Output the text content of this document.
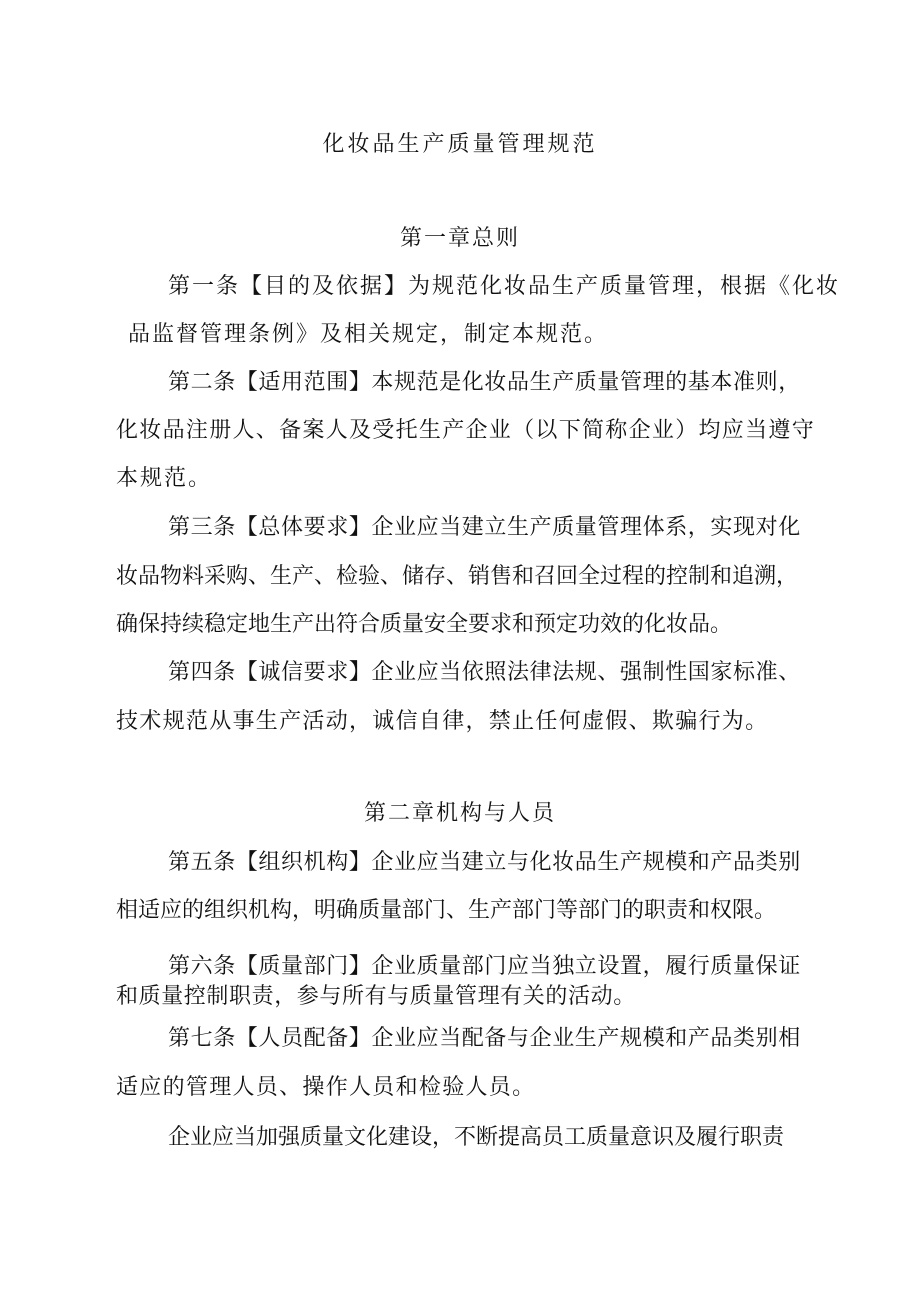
化妆品生产质量管理规范
第一章总则
第一条【目的及依据】为规范化妆品生产质量管理，根据《化妆
品监督管理条例》及相关规定，制定本规范。
第二条【适用范围】本规范是化妆品生产质量管理的基本准则，
化妆品注册人、备案人及受托生产企业（以下简称企业）均应当遵守
本规范。
第三条【总体要求】企业应当建立生产质量管理体系，实现对化
妆品物料采购、生产、检验、储存、销售和召回全过程的控制和追溯，
确保持续稳定地生产出符合质量安全要求和预定功效的化妆品。
第四条【诚信要求】企业应当依照法律法规、强制性国家标准、
技术规范从事生产活动，诚信自律，禁止任何虚假、欺骗行为。
第二章机构与人员
第五条【组织机构】企业应当建立与化妆品生产规模和产品类别
相适应的组织机构，明确质量部门、生产部门等部门的职责和权限。
第六条【质量部门】企业质量部门应当独立设置，履行质量保证
和质量控制职责，参与所有与质量管理有关的活动。
第七条【人员配备】企业应当配备与企业生产规模和产品类别相
适应的管理人员、操作人员和检验人员。
企业应当加强质量文化建设，不断提高员工质量意识及履行职责
